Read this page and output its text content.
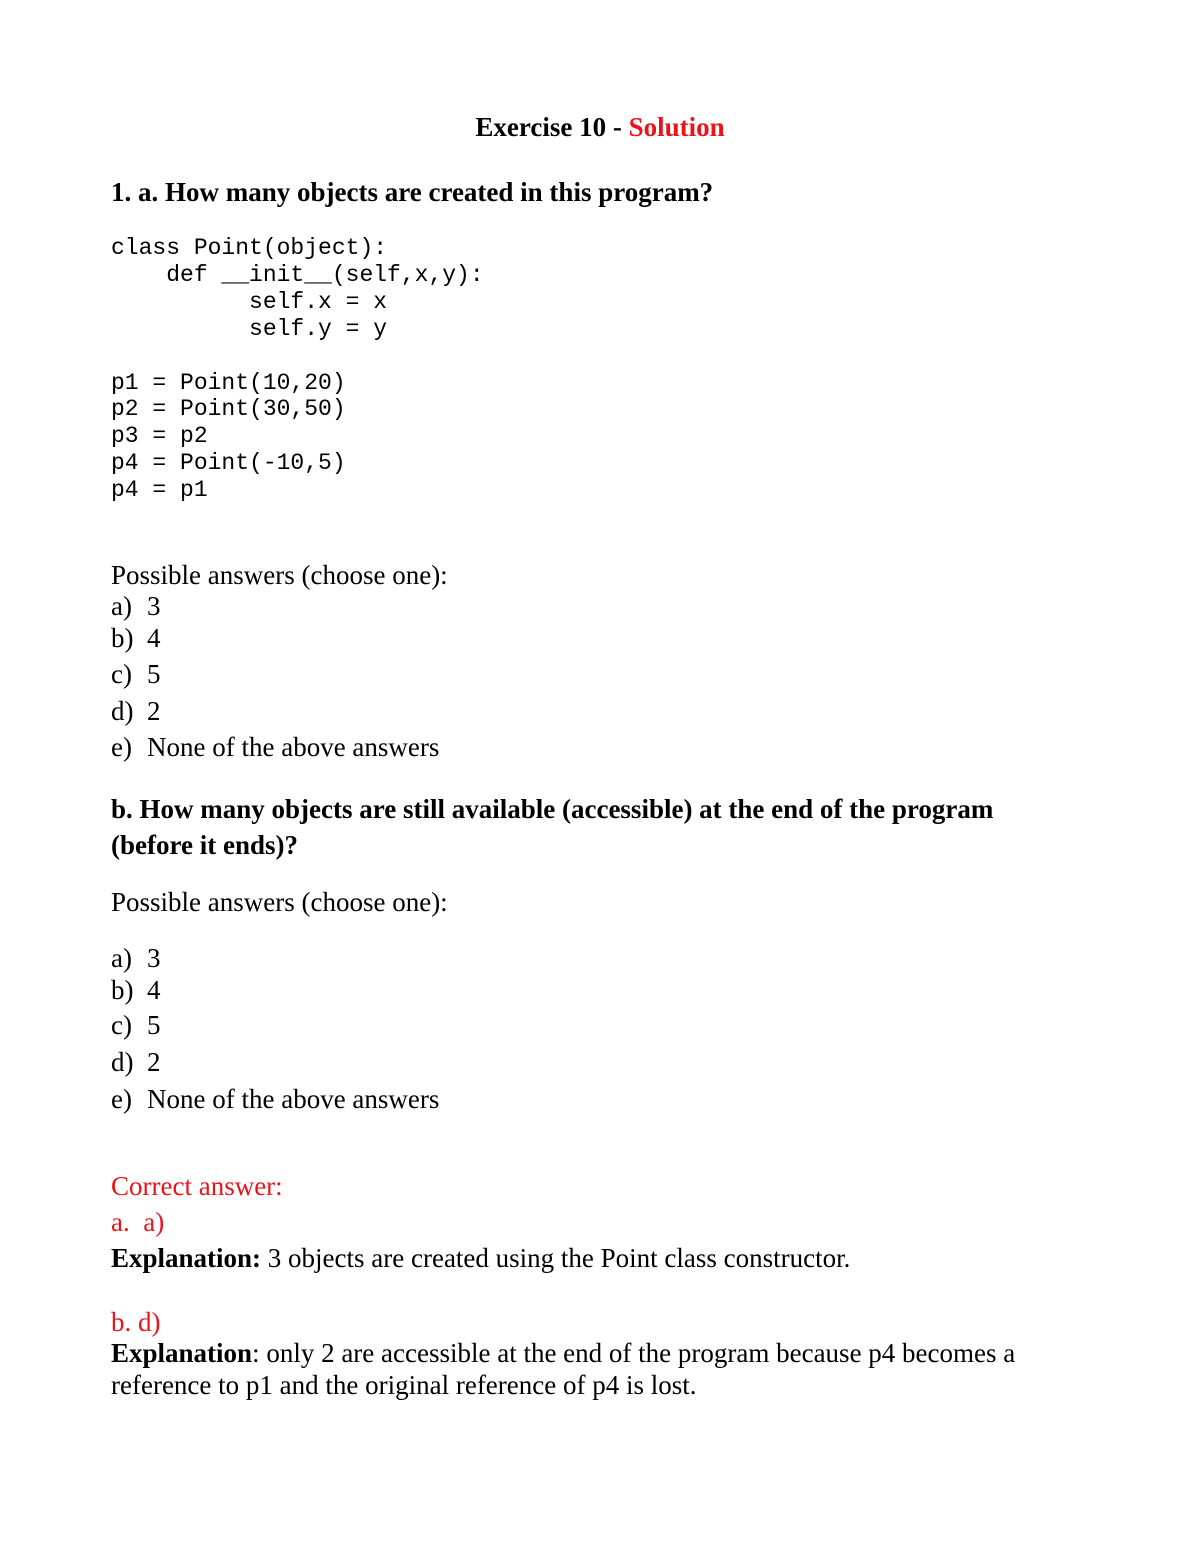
Exercise 10 - Solution
1. a. How many objects are created in this program?
class Point(object):
def __init__(self,x,y):
self.x = x
self.y = y
p1 = Point(10,20)
p2 = Point(30,50)
p3 = p2
p4 = Point(-10,5)
p4 = p1
Possible answers (choose one):
a) 3
b) 4
c) 5
d) 2
e) None of the above answers
b. How many objects are still available (accessible) at the end of the program
(before it ends)?
Possible answers (choose one):
a) 3
b) 4
c) 5
d) 2
e) None of the above answers
Correct answer:
a.  a)
Explanation: 3 objects are created using the Point class constructor.
b. d)
Explanation: only 2 are accessible at the end of the program because p4 becomes a
reference to p1 and the original reference of p4 is lost.
